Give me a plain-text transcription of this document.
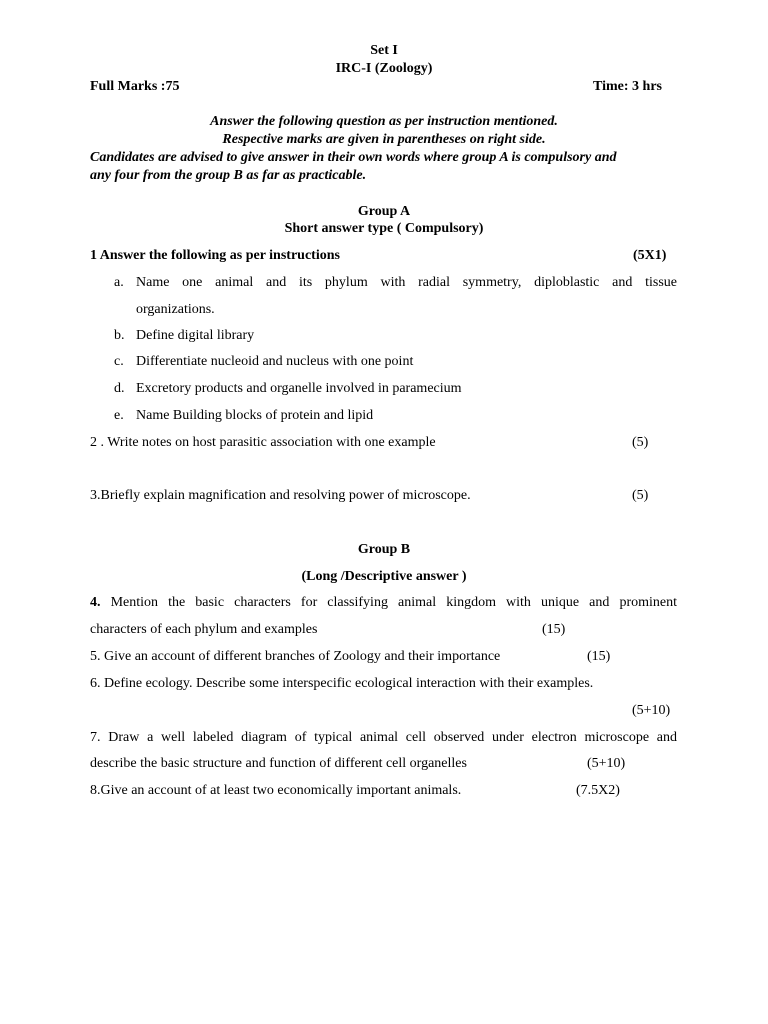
Set I
IRC-I (Zoology)
Full Marks :75	Time: 3 hrs
Answer the following question as per instruction mentioned.
Respective marks are given in parentheses on right side.
Candidates are advised to give answer in their own words where group A is compulsory and
any four from the group B as far as practicable.
Group A
Short answer type ( Compulsory)
1 Answer the following as per instructions	(5X1)
a. Name one animal and its phylum with radial symmetry, diploblastic and tissue
organizations.
b. Define digital library
c. Differentiate nucleoid and nucleus with one point
d. Excretory products and organelle involved in paramecium
e. Name Building blocks of protein and lipid
2 . Write notes on host parasitic association with one example	(5)
3.Briefly explain magnification and resolving power of microscope.	(5)
Group B
(Long /Descriptive answer )
4. Mention the basic characters for classifying animal kingdom with unique and prominent
characters of each phylum and examples	(15)
5. Give an account of different branches of Zoology and their importance	(15)
6. Define ecology. Describe some interspecific ecological interaction with their examples.
(5+10)
7. Draw a well labeled diagram of typical animal cell observed under electron microscope and
describe the basic structure and function of different cell organelles	(5+10)
8.Give an account of at least two economically important animals.	(7.5X2)
